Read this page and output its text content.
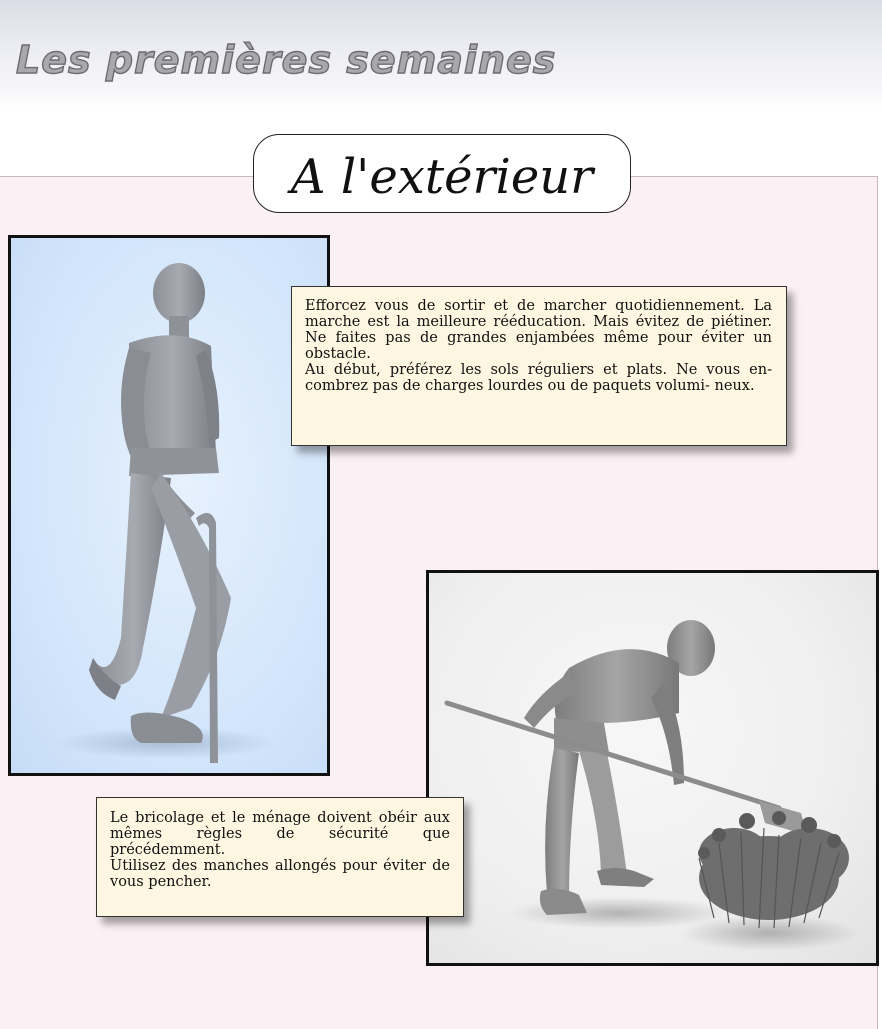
Les premières semaines
A l'extérieur

Efforcez vous de sortir et de marcher quotidiennement. La marche est la meilleure rééducation. Mais évitez de piétiner. Ne faites pas de grandes enjambées même pour éviter un obstacle.

Au début, préférez les sols réguliers et plats. Ne vous en- combrez pas de charges lourdes ou de paquets volumi- neux.

Le bricolage et le ménage doivent obéir aux mêmes règles de sécurité que précédemment.

Utilisez des manches allongés pour éviter de vous pencher.
